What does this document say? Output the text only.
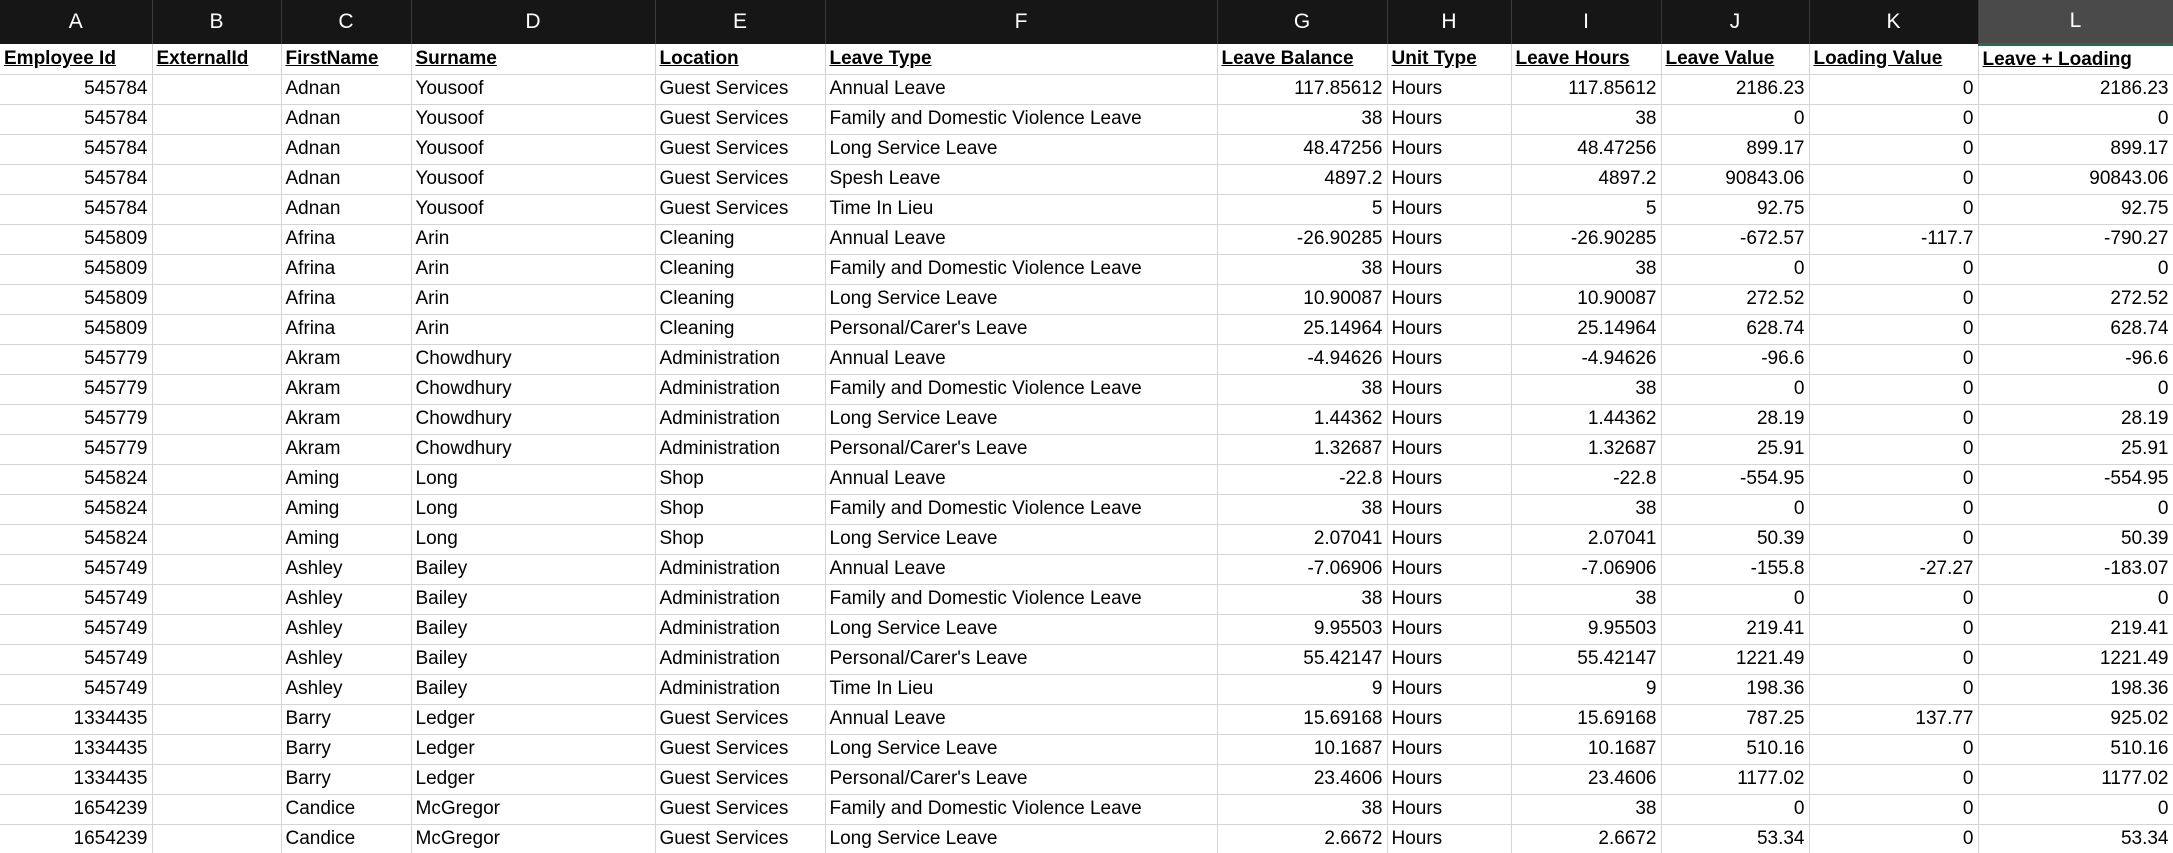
A	B	C	D	E	F	G	H	I	J	K	L
Employee Id	ExternalId	FirstName	Surname	Location	Leave Type	Leave Balance	Unit Type	Leave Hours	Leave Value	Loading Value	Leave + Loading
545784		Adnan	Yousoof	Guest Services	Annual Leave	117.85612	Hours	117.85612	2186.23	0	2186.23
545784		Adnan	Yousoof	Guest Services	Family and Domestic Violence Leave	38	Hours	38	0	0	0
545784		Adnan	Yousoof	Guest Services	Long Service Leave	48.47256	Hours	48.47256	899.17	0	899.17
545784		Adnan	Yousoof	Guest Services	Spesh Leave	4897.2	Hours	4897.2	90843.06	0	90843.06
545784		Adnan	Yousoof	Guest Services	Time In Lieu	5	Hours	5	92.75	0	92.75
545809		Afrina	Arin	Cleaning	Annual Leave	-26.90285	Hours	-26.90285	-672.57	-117.7	-790.27
545809		Afrina	Arin	Cleaning	Family and Domestic Violence Leave	38	Hours	38	0	0	0
545809		Afrina	Arin	Cleaning	Long Service Leave	10.90087	Hours	10.90087	272.52	0	272.52
545809		Afrina	Arin	Cleaning	Personal/Carer's Leave	25.14964	Hours	25.14964	628.74	0	628.74
545779		Akram	Chowdhury	Administration	Annual Leave	-4.94626	Hours	-4.94626	-96.6	0	-96.6
545779		Akram	Chowdhury	Administration	Family and Domestic Violence Leave	38	Hours	38	0	0	0
545779		Akram	Chowdhury	Administration	Long Service Leave	1.44362	Hours	1.44362	28.19	0	28.19
545779		Akram	Chowdhury	Administration	Personal/Carer's Leave	1.32687	Hours	1.32687	25.91	0	25.91
545824		Aming	Long	Shop	Annual Leave	-22.8	Hours	-22.8	-554.95	0	-554.95
545824		Aming	Long	Shop	Family and Domestic Violence Leave	38	Hours	38	0	0	0
545824		Aming	Long	Shop	Long Service Leave	2.07041	Hours	2.07041	50.39	0	50.39
545749		Ashley	Bailey	Administration	Annual Leave	-7.06906	Hours	-7.06906	-155.8	-27.27	-183.07
545749		Ashley	Bailey	Administration	Family and Domestic Violence Leave	38	Hours	38	0	0	0
545749		Ashley	Bailey	Administration	Long Service Leave	9.95503	Hours	9.95503	219.41	0	219.41
545749		Ashley	Bailey	Administration	Personal/Carer's Leave	55.42147	Hours	55.42147	1221.49	0	1221.49
545749		Ashley	Bailey	Administration	Time In Lieu	9	Hours	9	198.36	0	198.36
1334435		Barry	Ledger	Guest Services	Annual Leave	15.69168	Hours	15.69168	787.25	137.77	925.02
1334435		Barry	Ledger	Guest Services	Long Service Leave	10.1687	Hours	10.1687	510.16	0	510.16
1334435		Barry	Ledger	Guest Services	Personal/Carer's Leave	23.4606	Hours	23.4606	1177.02	0	1177.02
1654239		Candice	McGregor	Guest Services	Family and Domestic Violence Leave	38	Hours	38	0	0	0
1654239		Candice	McGregor	Guest Services	Long Service Leave	2.6672	Hours	2.6672	53.34	0	53.34
